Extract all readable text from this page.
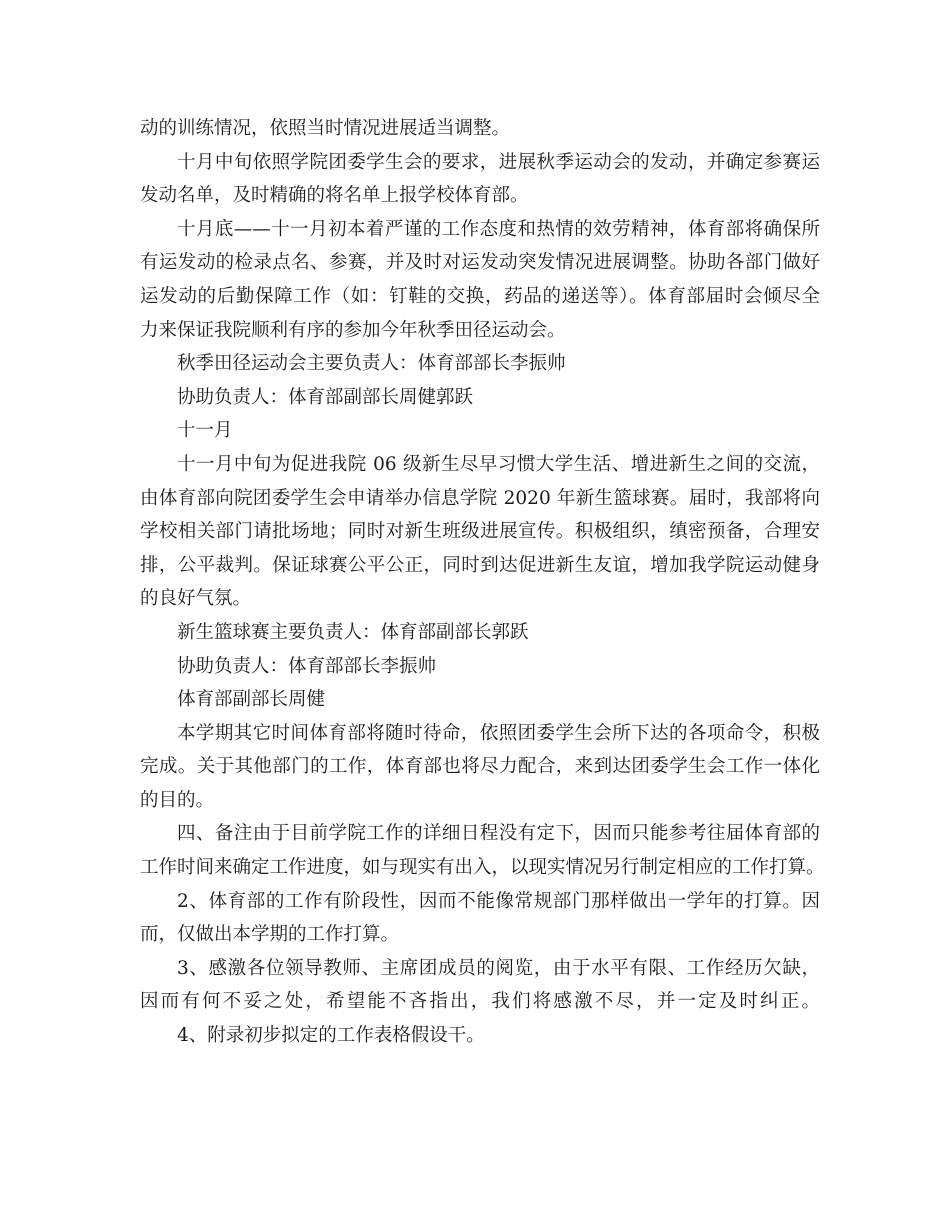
动的训练情况，依照当时情况进展适当调整。
十月中旬依照学院团委学生会的要求，进展秋季运动会的发动，并确定参赛运
发动名单，及时精确的将名单上报学校体育部。
十月底——十一月初本着严谨的工作态度和热情的效劳精神，体育部将确保所
有运发动的检录点名、参赛，并及时对运发动突发情况进展调整。协助各部门做好
运发动的后勤保障工作（如：钉鞋的交换，药品的递送等）。体育部届时会倾尽全
力来保证我院顺利有序的参加今年秋季田径运动会。
秋季田径运动会主要负责人：体育部部长李振帅
协助负责人：体育部副部长周健郭跃
十一月
十一月中旬为促进我院 06 级新生尽早习惯大学生活、增进新生之间的交流，
由体育部向院团委学生会申请举办信息学院 2020 年新生篮球赛。届时，我部将向
学校相关部门请批场地；同时对新生班级进展宣传。积极组织，缜密预备，合理安
排，公平裁判。保证球赛公平公正，同时到达促进新生友谊，增加我学院运动健身
的良好气氛。
新生篮球赛主要负责人：体育部副部长郭跃
协助负责人：体育部部长李振帅
体育部副部长周健
本学期其它时间体育部将随时待命，依照团委学生会所下达的各项命令，积极
完成。关于其他部门的工作，体育部也将尽力配合，来到达团委学生会工作一体化
的目的。
四、备注由于目前学院工作的详细日程没有定下，因而只能参考往届体育部的
工作时间来确定工作进度，如与现实有出入，以现实情况另行制定相应的工作打算。
2、体育部的工作有阶段性，因而不能像常规部门那样做出一学年的打算。因
而，仅做出本学期的工作打算。
3、感激各位领导教师、主席团成员的阅览，由于水平有限、工作经历欠缺，
因而有何不妥之处，希望能不吝指出，我们将感激不尽，并一定及时纠正。
4、附录初步拟定的工作表格假设干。
